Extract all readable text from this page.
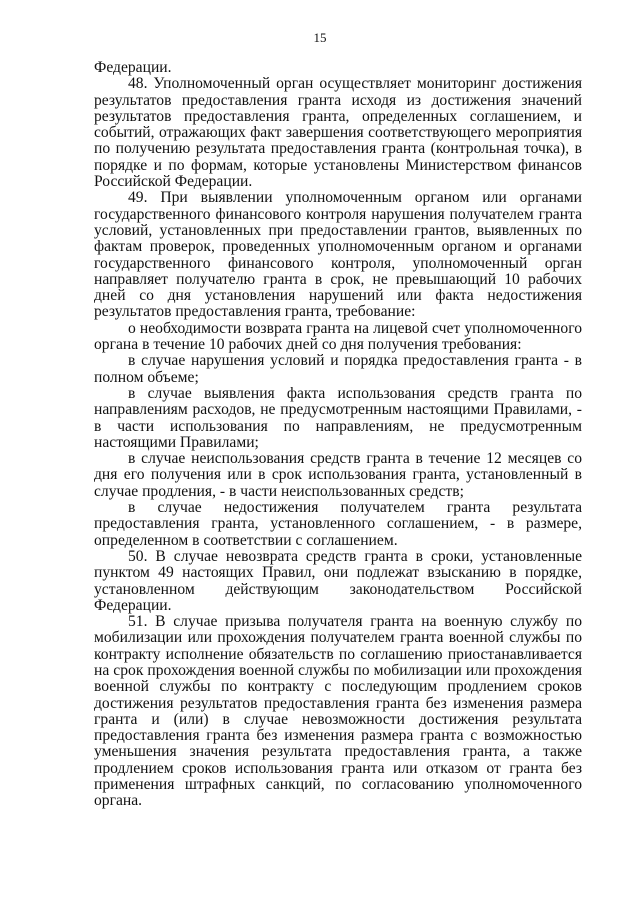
15

Федерации.

48. Уполномоченный орган осуществляет мониторинг достижения результатов предоставления гранта исходя из достижения значений результатов предоставления гранта, определенных соглашением, и событий, отражающих факт завершения соответствующего мероприятия по получению результата предоставления гранта (контрольная точка), в порядке и по формам, которые установлены Министерством финансов Российской Федерации.

49. При выявлении уполномоченным органом или органами государственного финансового контроля нарушения получателем гранта условий, установленных при предоставлении грантов, выявленных по фактам проверок, проведенных уполномоченным органом и органами государственного финансового контроля, уполномоченный орган направляет получателю гранта в срок, не превышающий 10 рабочих дней со дня установления нарушений или факта недостижения результатов предоставления гранта, требование:

о необходимости возврата гранта на лицевой счет уполномоченного органа в течение 10 рабочих дней со дня получения требования:

в случае нарушения условий и порядка предоставления гранта - в полном объеме;

в случае выявления факта использования средств гранта по направлениям расходов, не предусмотренным настоящими Правилами, - в части использования по направлениям, не предусмотренным настоящими Правилами;

в случае неиспользования средств гранта в течение 12 месяцев со дня его получения или в срок использования гранта, установленный в случае продления, - в части неиспользованных средств;

в случае недостижения получателем гранта результата предоставления гранта, установленного соглашением, - в размере, определенном в соответствии с соглашением.

50. В случае невозврата средств гранта в сроки, установленные пунктом 49 настоящих Правил, они подлежат взысканию в порядке, установленном действующим законодательством Российской Федерации.

51. В случае призыва получателя гранта на военную службу по мобилизации или прохождения получателем гранта военной службы по контракту исполнение обязательств по соглашению приостанавливается на срок прохождения военной службы по мобилизации или прохождения военной службы по контракту с последующим продлением сроков достижения результатов предоставления гранта без изменения размера гранта и (или) в случае невозможности достижения результата предоставления гранта без изменения размера гранта с возможностью уменьшения значения результата предоставления гранта, а также продлением сроков использования гранта или отказом от гранта без применения штрафных санкций, по согласованию уполномоченного органа.
